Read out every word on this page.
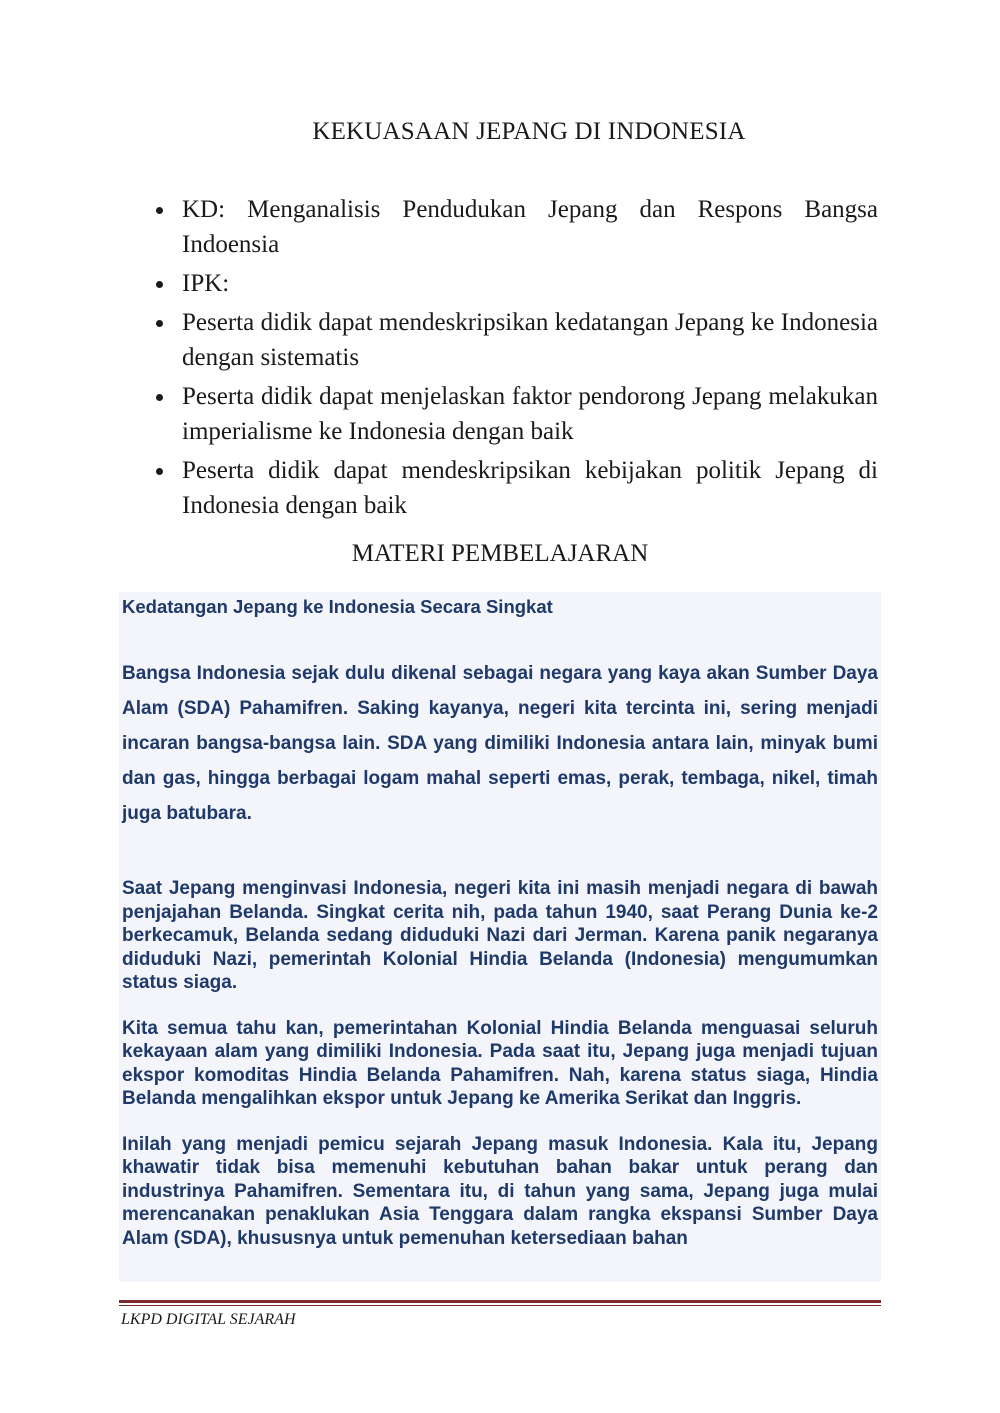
KEKUASAAN JEPANG DI INDONESIA
KD: Menganalisis Pendudukan Jepang dan Respons Bangsa Indoensia
IPK:
Peserta didik dapat mendeskripsikan kedatangan Jepang ke Indonesia dengan sistematis
Peserta didik dapat menjelaskan faktor pendorong Jepang melakukan imperialisme ke Indonesia dengan baik
Peserta didik dapat mendeskripsikan kebijakan politik Jepang di Indonesia dengan baik
MATERI PEMBELAJARAN

Kedatangan Jepang ke Indonesia Secara Singkat

Bangsa Indonesia sejak dulu dikenal sebagai negara yang kaya akan Sumber Daya Alam (SDA) Pahamifren. Saking kayanya, negeri kita tercinta ini, sering menjadi incaran bangsa-bangsa lain. SDA yang dimiliki Indonesia antara lain, minyak bumi dan gas, hingga berbagai logam mahal seperti emas, perak, tembaga, nikel, timah juga batubara.

Saat Jepang menginvasi Indonesia, negeri kita ini masih menjadi negara di bawah penjajahan Belanda. Singkat cerita nih, pada tahun 1940, saat Perang Dunia ke-2 berkecamuk, Belanda sedang diduduki Nazi dari Jerman. Karena panik negaranya diduduki Nazi, pemerintah Kolonial Hindia Belanda (Indonesia) mengumumkan status siaga.

Kita semua tahu kan, pemerintahan Kolonial Hindia Belanda menguasai seluruh kekayaan alam yang dimiliki Indonesia. Pada saat itu, Jepang juga menjadi tujuan ekspor komoditas Hindia Belanda Pahamifren. Nah, karena status siaga, Hindia Belanda mengalihkan ekspor untuk Jepang ke Amerika Serikat dan Inggris.

Inilah yang menjadi pemicu sejarah Jepang masuk Indonesia. Kala itu, Jepang khawatir tidak bisa memenuhi kebutuhan bahan bakar untuk perang dan industrinya Pahamifren. Sementara itu, di tahun yang sama, Jepang juga mulai merencanakan penaklukan Asia Tenggara dalam rangka ekspansi Sumber Daya Alam (SDA), khususnya untuk pemenuhan ketersediaan bahan

LKPD DIGITAL SEJARAH
